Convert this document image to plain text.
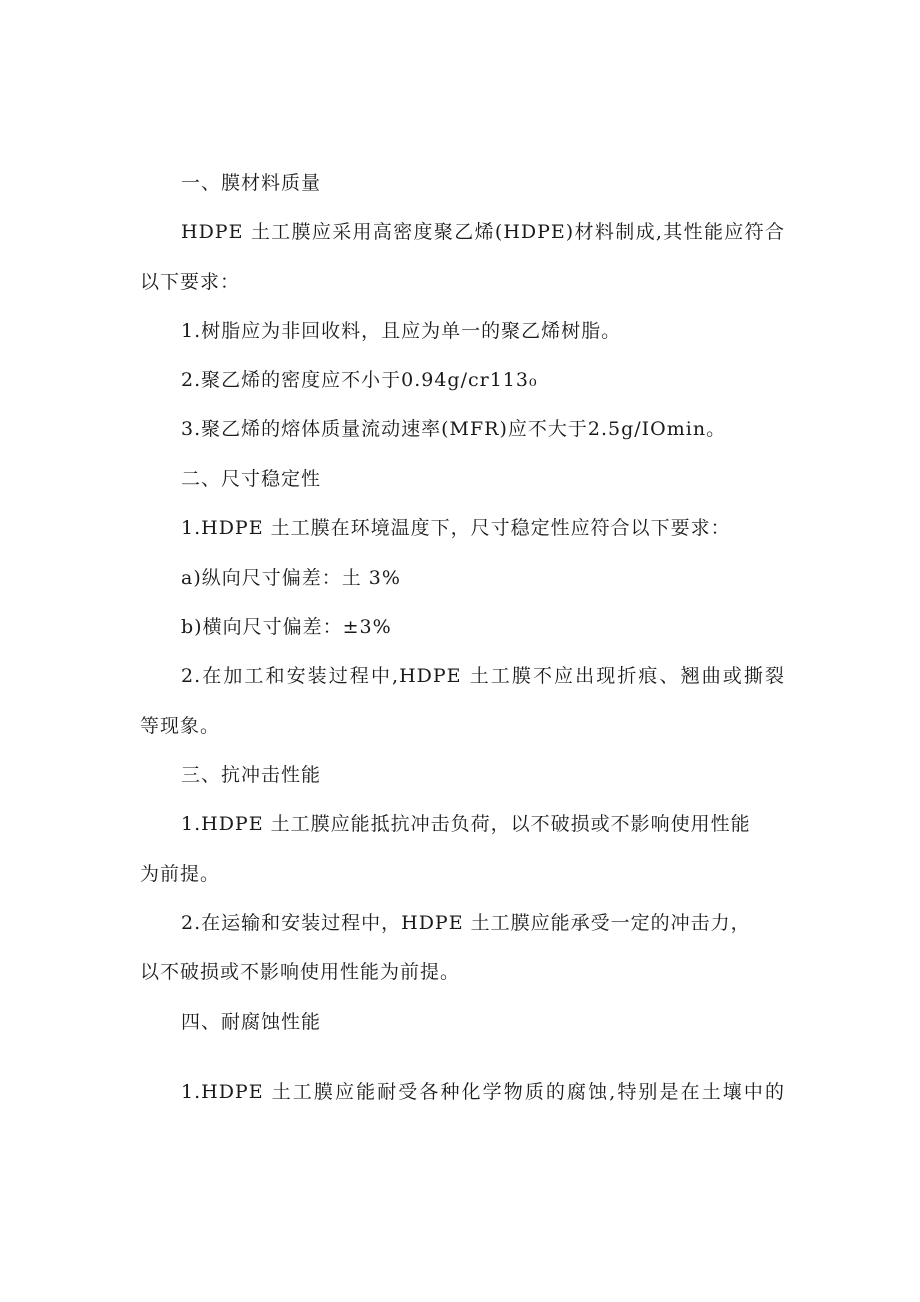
一、膜材料质量
HDPE 土工膜应采用高密度聚乙烯(HDPE)材料制成,其性能应符合
以下要求：
1.树脂应为非回收料，且应为单一的聚乙烯树脂。
2.聚乙烯的密度应不小于0.94g/cr113₀
3.聚乙烯的熔体质量流动速率(MFR)应不大于2.5g/IOmin。
二、尺寸稳定性
1.HDPE 土工膜在环境温度下，尺寸稳定性应符合以下要求：
a)纵向尺寸偏差：土 3%
b)横向尺寸偏差：±3%
2.在加工和安装过程中,HDPE 土工膜不应出现折痕、翘曲或撕裂
等现象。
三、抗冲击性能
1.HDPE 土工膜应能抵抗冲击负荷，以不破损或不影响使用性能
为前提。
2.在运输和安装过程中，HDPE 土工膜应能承受一定的冲击力，
以不破损或不影响使用性能为前提。
四、耐腐蚀性能
1.HDPE 土工膜应能耐受各种化学物质的腐蚀,特别是在土壤中的
